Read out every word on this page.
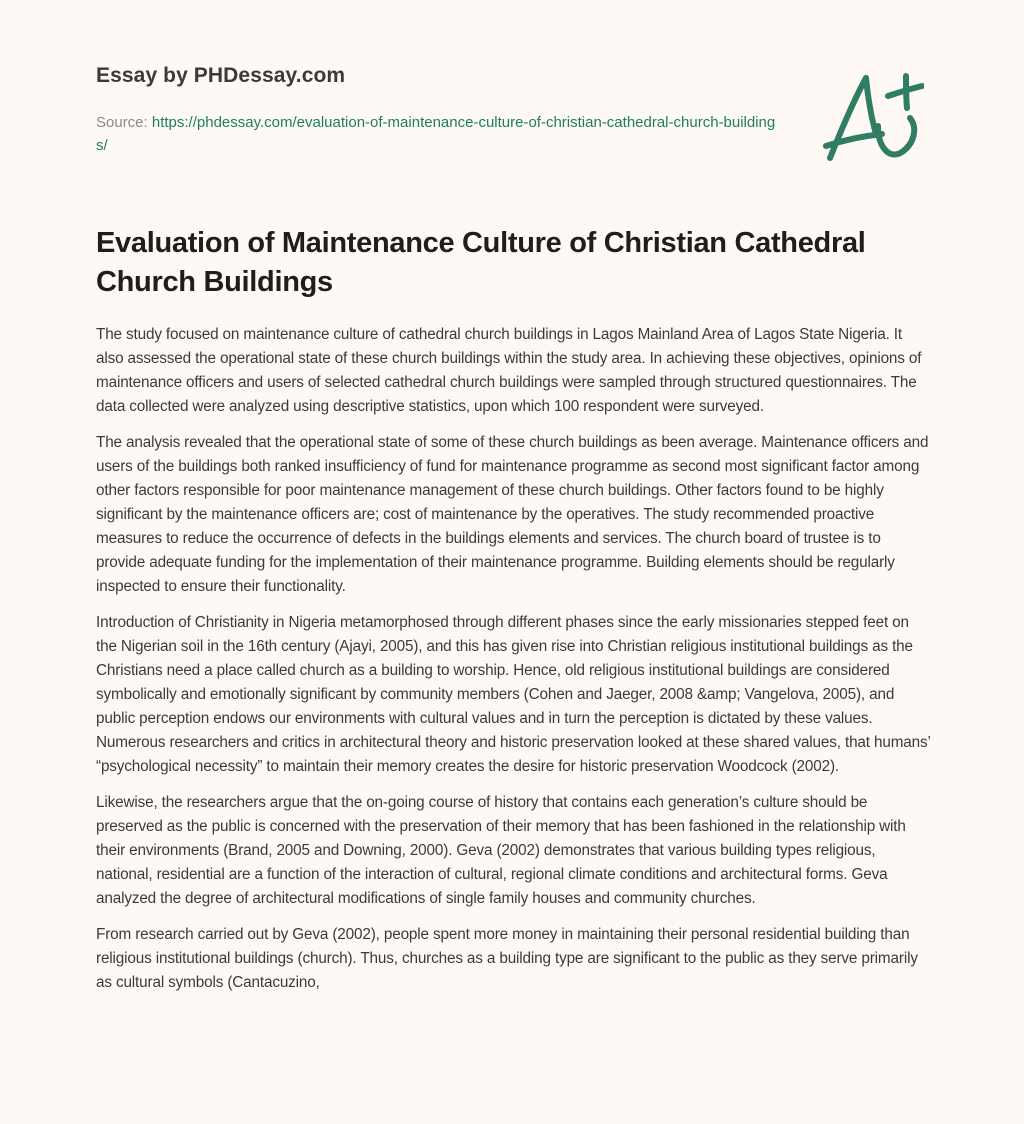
Essay by PHDessay.com
Source: https://phdessay.com/evaluation-of-maintenance-culture-of-christian-cathedral-church-buildings/
Evaluation of Maintenance Culture of Christian Cathedral Church Buildings

The study focused on maintenance culture of cathedral church buildings in Lagos Mainland Area of Lagos State Nigeria. It also assessed the operational state of these church buildings within the study area. In achieving these objectives, opinions of maintenance officers and users of selected cathedral church buildings were sampled through structured questionnaires. The data collected were analyzed using descriptive statistics, upon which 100 respondent were surveyed.

The analysis revealed that the operational state of some of these church buildings as been average. Maintenance officers and users of the buildings both ranked insufficiency of fund for maintenance programme as second most significant factor among other factors responsible for poor maintenance management of these church buildings. Other factors found to be highly significant by the maintenance officers are; cost of maintenance by the operatives. The study recommended proactive measures to reduce the occurrence of defects in the buildings elements and services. The church board of trustee is to provide adequate funding for the implementation of their maintenance programme. Building elements should be regularly inspected to ensure their functionality.

Introduction of Christianity in Nigeria metamorphosed through different phases since the early missionaries stepped feet on the Nigerian soil in the 16th century (Ajayi, 2005), and this has given rise into Christian religious institutional buildings as the Christians need a place called church as a building to worship. Hence, old religious institutional buildings are considered symbolically and emotionally significant by community members (Cohen and Jaeger, 2008 &amp; Vangelova, 2005), and public perception endows our environments with cultural values and in turn the perception is dictated by these values. Numerous researchers and critics in architectural theory and historic preservation looked at these shared values, that humans’ “psychological necessity” to maintain their memory creates the desire for historic preservation Woodcock (2002).

Likewise, the researchers argue that the on-going course of history that contains each generation’s culture should be preserved as the public is concerned with the preservation of their memory that has been fashioned in the relationship with their environments (Brand, 2005 and Downing, 2000). Geva (2002) demonstrates that various building types religious, national, residential are a function of the interaction of cultural, regional climate conditions and architectural forms. Geva analyzed the degree of architectural modifications of single family houses and community churches.

From research carried out by Geva (2002), people spent more money in maintaining their personal residential building than religious institutional buildings (church). Thus, churches as a building type are significant to the public as they serve primarily as cultural symbols (Cantacuzino,
